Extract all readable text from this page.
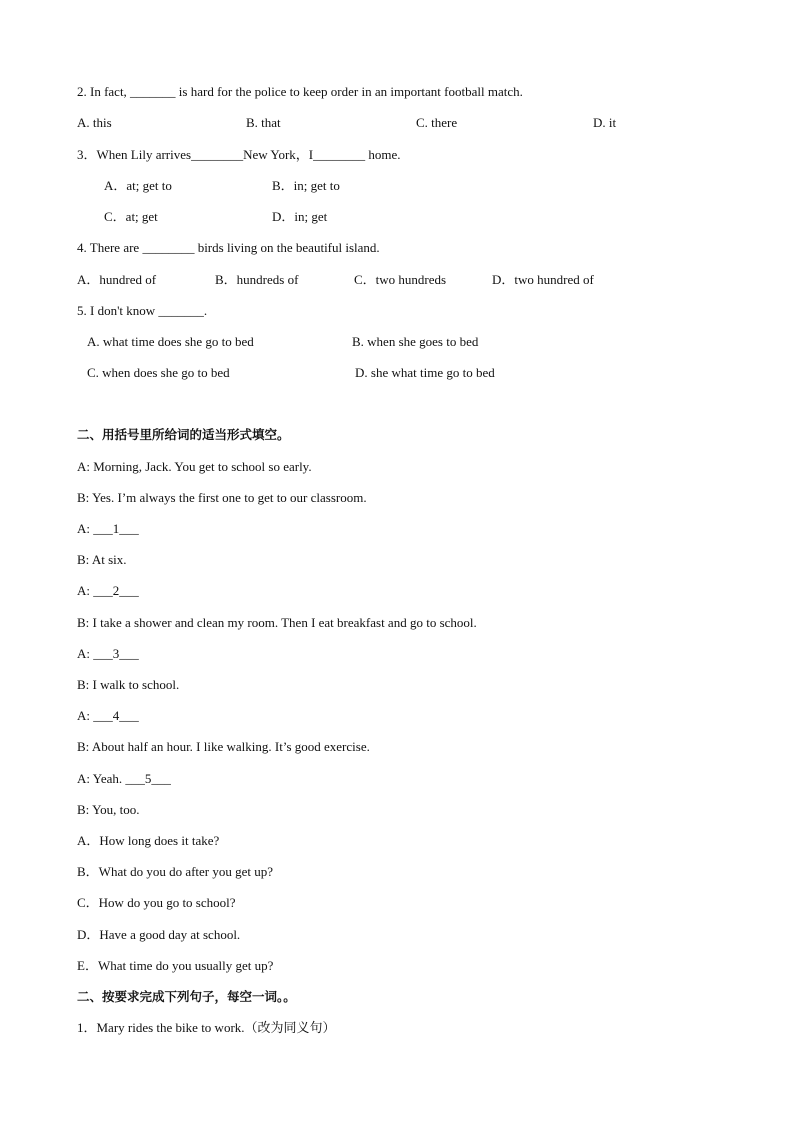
2. In fact, _______ is hard for the police to keep order in an important football match.
A. this	B. that	C. there	D. it
3．When Lily arrives________New York，I________ home.
A．at; get to	B．in; get to
C．at; get	D．in; get
4. There are ________ birds living on the beautiful island.
A．hundred of	B．hundreds of	C．two hundreds	D．two hundred of
5. I don't know _______.
A. what time does she go to bed	B. when she goes to bed
C. when does she go to bed	D. she what time go to bed
二、用括号里所给词的适当形式填空。
A: Morning, Jack. You get to school so early.
B: Yes. I’m always the first one to get to our classroom.
A: ___1___
B: At six.
A: ___2___
B: I take a shower and clean my room. Then I eat breakfast and go to school.
A: ___3___
B: I walk to school.
A: ___4___
B: About half an hour. I like walking. It’s good exercise.
A: Yeah. ___5___
B: You, too.
A．How long does it take?
B．What do you do after you get up?
C．How do you go to school?
D．Have a good day at school.
E．What time do you usually get up?
二、按要求完成下列句子，每空一词。。
1．Mary rides the bike to work.（改为同义句）
